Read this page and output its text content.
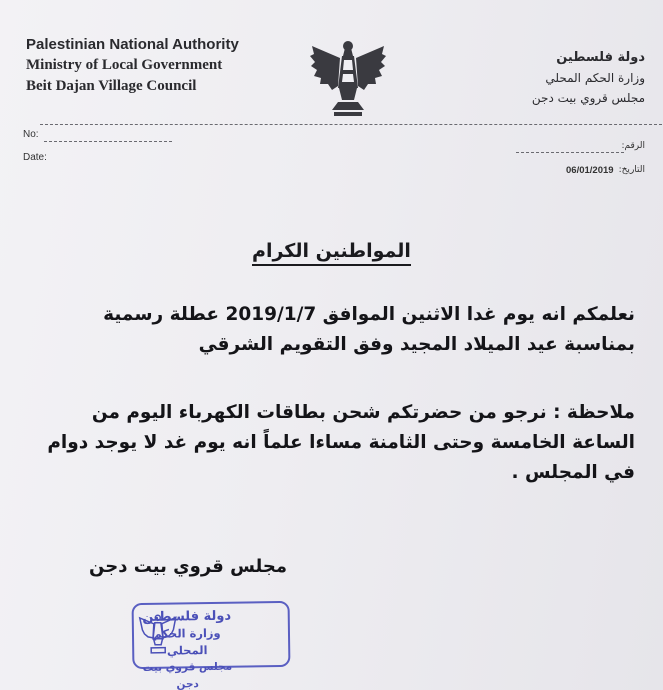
Palestinian National Authority
Ministry of Local Government
Beit Dajan Village Council
دولة فلسطين
وزارة الحكم المحلي
مجلس قروي بيت دجن
No:
Date:
الرقم:
التاريخ:
06/01/2019
المواطنين الكرام
نعلمكم انه يوم غدا الاثنين الموافق 2019/1/7 عطلة رسمية بمناسبة عيد الميلاد المجيد وفق التقويم الشرقي
ملاحظة : نرجو من حضرتكم شحن بطاقات الكهرباء اليوم من الساعة الخامسة وحتى الثامنة مساءا علماً انه يوم غد لا يوجد دوام في المجلس .
مجلس قروي بيت دجن
دولة فلسطين
وزارة الحكم المحلي
مجلس قروي بيت دجن
